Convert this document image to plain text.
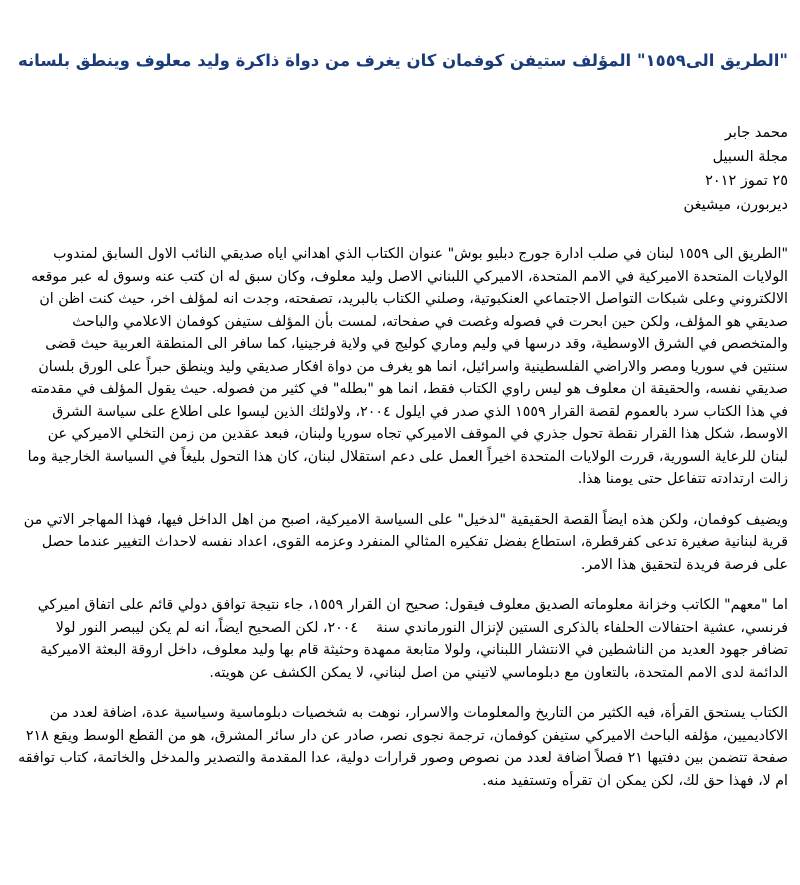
"الطريق الى١٥٥٩" المؤلف ستيفن كوفمان كان يغرف من دواة ذاكرة وليد معلوف وينطق بلسانه
محمد جابر
مجلة السبيل
٢٥ تموز ٢٠١٢
ديربورن، ميشيغن

"الطريق الى ١٥٥٩ لبنان في صلب ادارة جورج دبليو بوش" عنوان الكتاب الذي اهداني اياه صديقي النائب الاول السابق لمندوب الولايات المتحدة الاميركية في الامم المتحدة، الاميركي اللبناني الاصل وليد معلوف، وكان سبق له ان كتب عنه وسوق له عبر موقعه الالكتروني وعلى شبكات التواصل الاجتماعي العنكبوتية، وصلني الكتاب بالبريد، تصفحته، وجدت انه لمؤلف اخر، حيث كنت اظن ان صديقي هو المؤلف، ولكن حين ابحرت في فصوله وغصت في صفحاته، لمست بأن المؤلف ستيفن كوفمان الاعلامي والباحث والمتخصص في الشرق الاوسطية، وقد درسها في وليم وماري كوليج في ولاية فرجينيا، كما سافر الى المنطقة العربية حيث قضى سنتين في سوريا ومصر والاراضي الفلسطينية واسرائيل، انما هو يغرف من دواة افكار صديقي وليد وينطق حبراً على الورق بلسان صديقي نفسه، والحقيقة ان معلوف هو ليس راوي الكتاب فقط، انما هو "بطله" في كثير من فصوله. حيث يقول المؤلف في مقدمته في هذا الكتاب سرد بالعموم لقصة القرار ١٥٥٩ الذي صدر في ايلول ٢٠٠٤، ولاولئك الذين ليسوا على اطلاع على سياسة الشرق الاوسط، شكل هذا القرار نقطة تحول جذري في الموقف الاميركي تجاه سوريا ولبنان، فبعد عقدين من زمن التخلي الاميركي عن لبنان للرعاية السورية، قررت الولايات المتحدة اخيراً العمل على دعم استقلال لبنان، كان هذا التحول بليغاً في السياسة الخارجية وما زالت ارتدادته تتفاعل حتى يومنا هذا.

ويضيف كوفمان، ولكن هذه ايضاً القصة الحقيقية "لدخيل" على السياسة الاميركية، اصبح من اهل الداخل فيها، فهذا المهاجر الاتي من قرية لبنانية صغيرة تدعى كفرقطرة، استطاع بفضل تفكيره المثالي المنفرد وعزمه القوى، اعداد نفسه لاحداث التغيير عندما حصل على فرصة فريدة لتحقيق هذا الامر.

اما "معهم" الكاتب وخزانة معلوماته الصديق معلوف فيقول: صحيح ان القرار ١٥٥٩، جاء نتيجة توافق دولي قائم على اتفاق اميركي فرنسي، عشية احتفالات الحلفاء بالذكرى الستين لإنزال النورماندي سنة    ٢٠٠٤، لكن الصحيح ايضاً، انه لم يكن ليبصر النور لولا تضافر جهود العديد من الناشطين في الانتشار اللبناني، ولولا متابعة ممهدة وحثيثة قام بها وليد معلوف، داخل اروقة البعثة الاميركية الدائمة لدى الامم المتحدة، بالتعاون مع دبلوماسي لاتيني من اصل لبناني، لا يمكن الكشف عن هويته.

الكتاب يستحق القرأة، فيه الكثير من التاريخ والمعلومات والاسرار، نوهت به شخصيات دبلوماسية وسياسية عدة، اضافة لعدد من الاكاديميين، مؤلفه الباحث الاميركي ستيفن كوفمان، ترجمة نجوى نصر، صادر عن دار سائر المشرق، هو من القطع الوسط ويقع ٢١٨ صفحة تتضمن بين دفتيها ٢١ فصلاً اضافة لعدد من نصوص وصور قرارات دولية، عدا المقدمة والتصدير والمدخل والخاتمة، كتاب توافقه ام لا، فهذا حق لك، لكن يمكن ان تقرأه وتستفيد منه.
